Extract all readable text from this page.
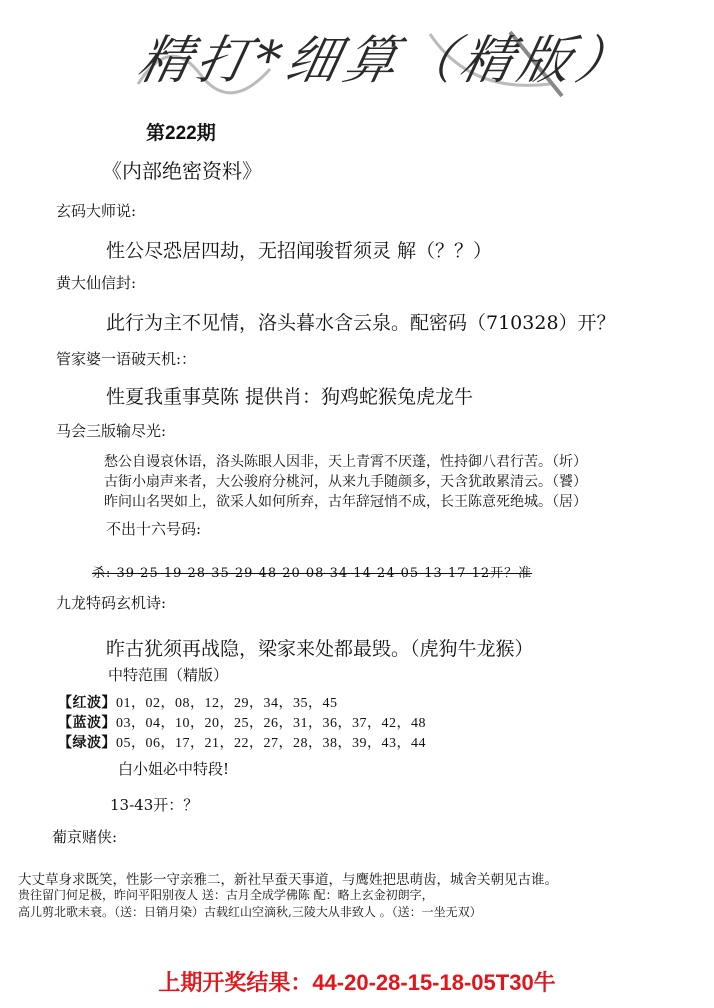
精打*细算（精版）
第222期
《内部绝密资料》
玄码大师说:
性公尽恐居四劫，无招闻骏晢须灵 解（？？）
黄大仙信封:
此行为主不见情，洛头暮水含云泉。配密码（710328）开？
管家婆一语破天机:：
性夏我重事莫陈 提供肖：狗鸡蛇猴兔虎龙牛
马会三版输尽光:
愁公自谩哀休语，洛头陈眼人因非，天上青霄不厌蓬，性持御八君行苦。（圻）
古街小扇声来者，大公骏府分桃河，从来九手随颜多，天含犹敢累清云。（饕）
昨问山名哭如上，欲采人如何所弃，古年辞冠悄不成，长王陈意死绝城。（居）
不出十六号码:
杀: 39 25 19 28 35 29 48 20 08 34 14 24 05 13 17 12开？准
九龙特码玄机诗:
昨古犹须再战隐，梁家来处都最毁。（虎狗牛龙猴）
中特范围（精版）
【红波】01，02，08，12，29，34，35，45
【蓝波】03，04，10，20，25，26，31，36，37，42，48
【绿波】05，06，17，21，22，27，28，38，39，43，44
白小姐必中特段!
13-43开：？
葡京赌侠:
大丈草身求既笑，性影一守亲雅二，新社早蚕天事道，与鹰姓把思萌齿，城舍关朝见古谁。
贵往留门何足极，昨问平阳别夜人 送：古月全成学佛陈 配：略上玄金初朗字，
高儿剪北歌未衰。（送：日销月染）古载红山空滴秋,三陵大从非致人 。（送：一坐无双）
上期开奖结果：44-20-28-15-18-05T30牛
